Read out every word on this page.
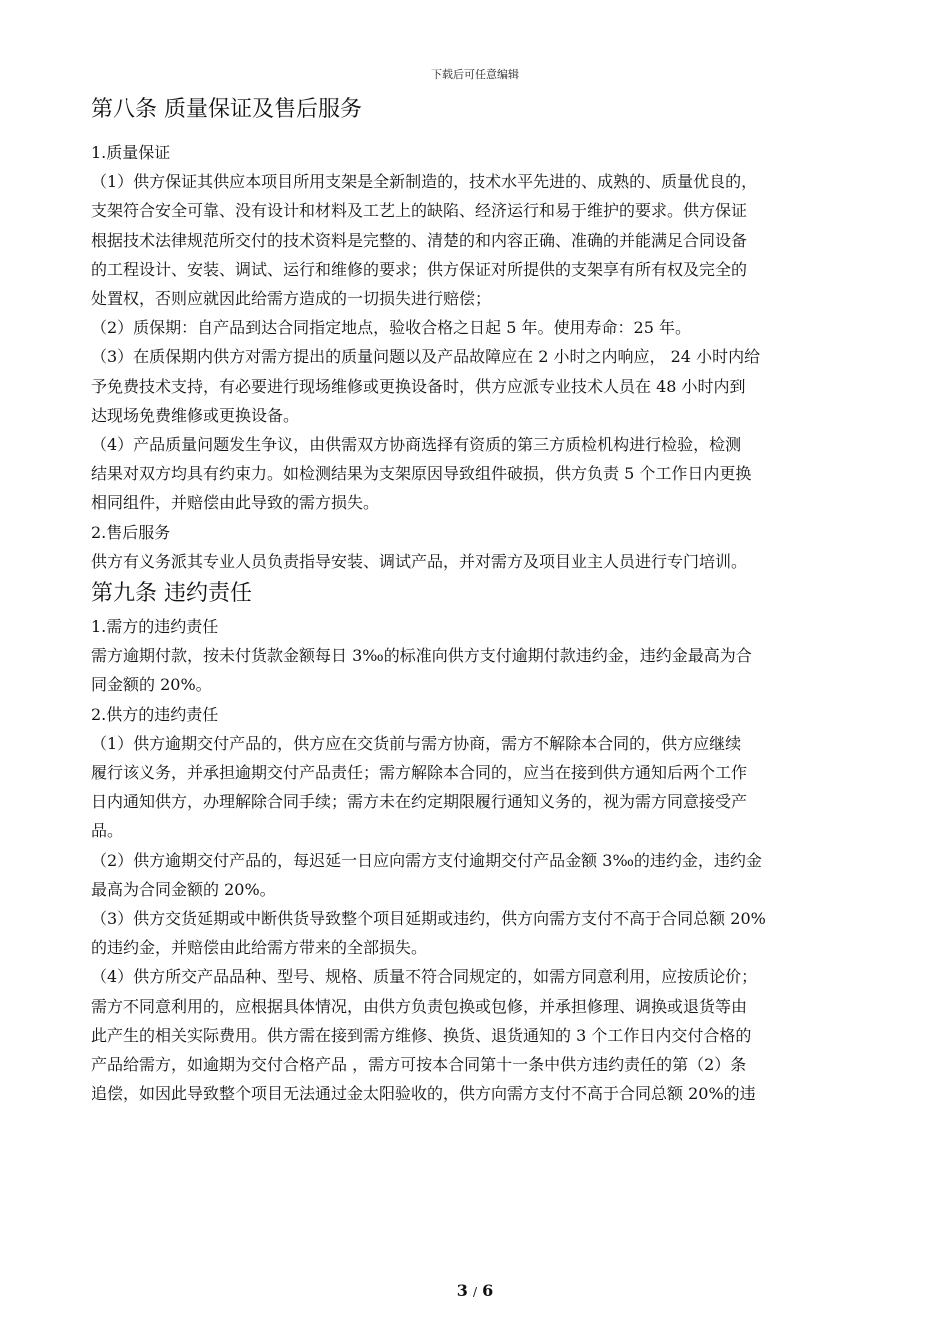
下载后可任意编辑
第八条 质量保证及售后服务

1.质量保证

（1）供方保证其供应本项目所用支架是全新制造的，技术水平先进的、成熟的、质量优良的，

支架符合安全可靠、没有设计和材料及工艺上的缺陷、经济运行和易于维护的要求。供方保证

根据技术法律规范所交付的技术资料是完整的、清楚的和内容正确、准确的并能满足合同设备

的工程设计、安装、调试、运行和维修的要求；供方保证对所提供的支架享有所有权及完全的

处置权，否则应就因此给需方造成的一切损失进行赔偿；

（2）质保期：自产品到达合同指定地点，验收合格之日起 5 年。使用寿命：25 年。

（3）在质保期内供方对需方提出的质量问题以及产品故障应在 2 小时之内响应， 24 小时内给

予免费技术支持，有必要进行现场维修或更换设备时，供方应派专业技术人员在 48 小时内到

达现场免费维修或更换设备。

（4）产品质量问题发生争议，由供需双方协商选择有资质的第三方质检机构进行检验，检测

结果对双方均具有约束力。如检测结果为支架原因导致组件破损，供方负责 5 个工作日内更换

相同组件，并赔偿由此导致的需方损失。

2.售后服务

供方有义务派其专业人员负责指导安装、调试产品，并对需方及项目业主人员进行专门培训。

第九条 违约责任

1.需方的违约责任

需方逾期付款，按未付货款金额每日 3‰的标准向供方支付逾期付款违约金，违约金最高为合

同金额的 20%。

2.供方的违约责任

（1）供方逾期交付产品的，供方应在交货前与需方协商，需方不解除本合同的，供方应继续

履行该义务，并承担逾期交付产品责任；需方解除本合同的，应当在接到供方通知后两个工作

日内通知供方，办理解除合同手续；需方未在约定期限履行通知义务的，视为需方同意接受产

品。

（2）供方逾期交付产品的，每迟延一日应向需方支付逾期交付产品金额 3‰的违约金，违约金

最高为合同金额的 20%。

（3）供方交货延期或中断供货导致整个项目延期或违约，供方向需方支付不高于合同总额 20%

的违约金，并赔偿由此给需方带来的全部损失。

（4）供方所交产品品种、型号、规格、质量不符合同规定的，如需方同意利用，应按质论价；

需方不同意利用的，应根据具体情况，由供方负责包换或包修，并承担修理、调换或退货等由

此产生的相关实际费用。供方需在接到需方维修、换货、退货通知的 3 个工作日内交付合格的

产品给需方，如逾期为交付合格产品 ，需方可按本合同第十一条中供方违约责任的第（2）条

追偿，如因此导致整个项目无法通过金太阳验收的，供方向需方支付不高于合同总额 20%的违

3 / 6
